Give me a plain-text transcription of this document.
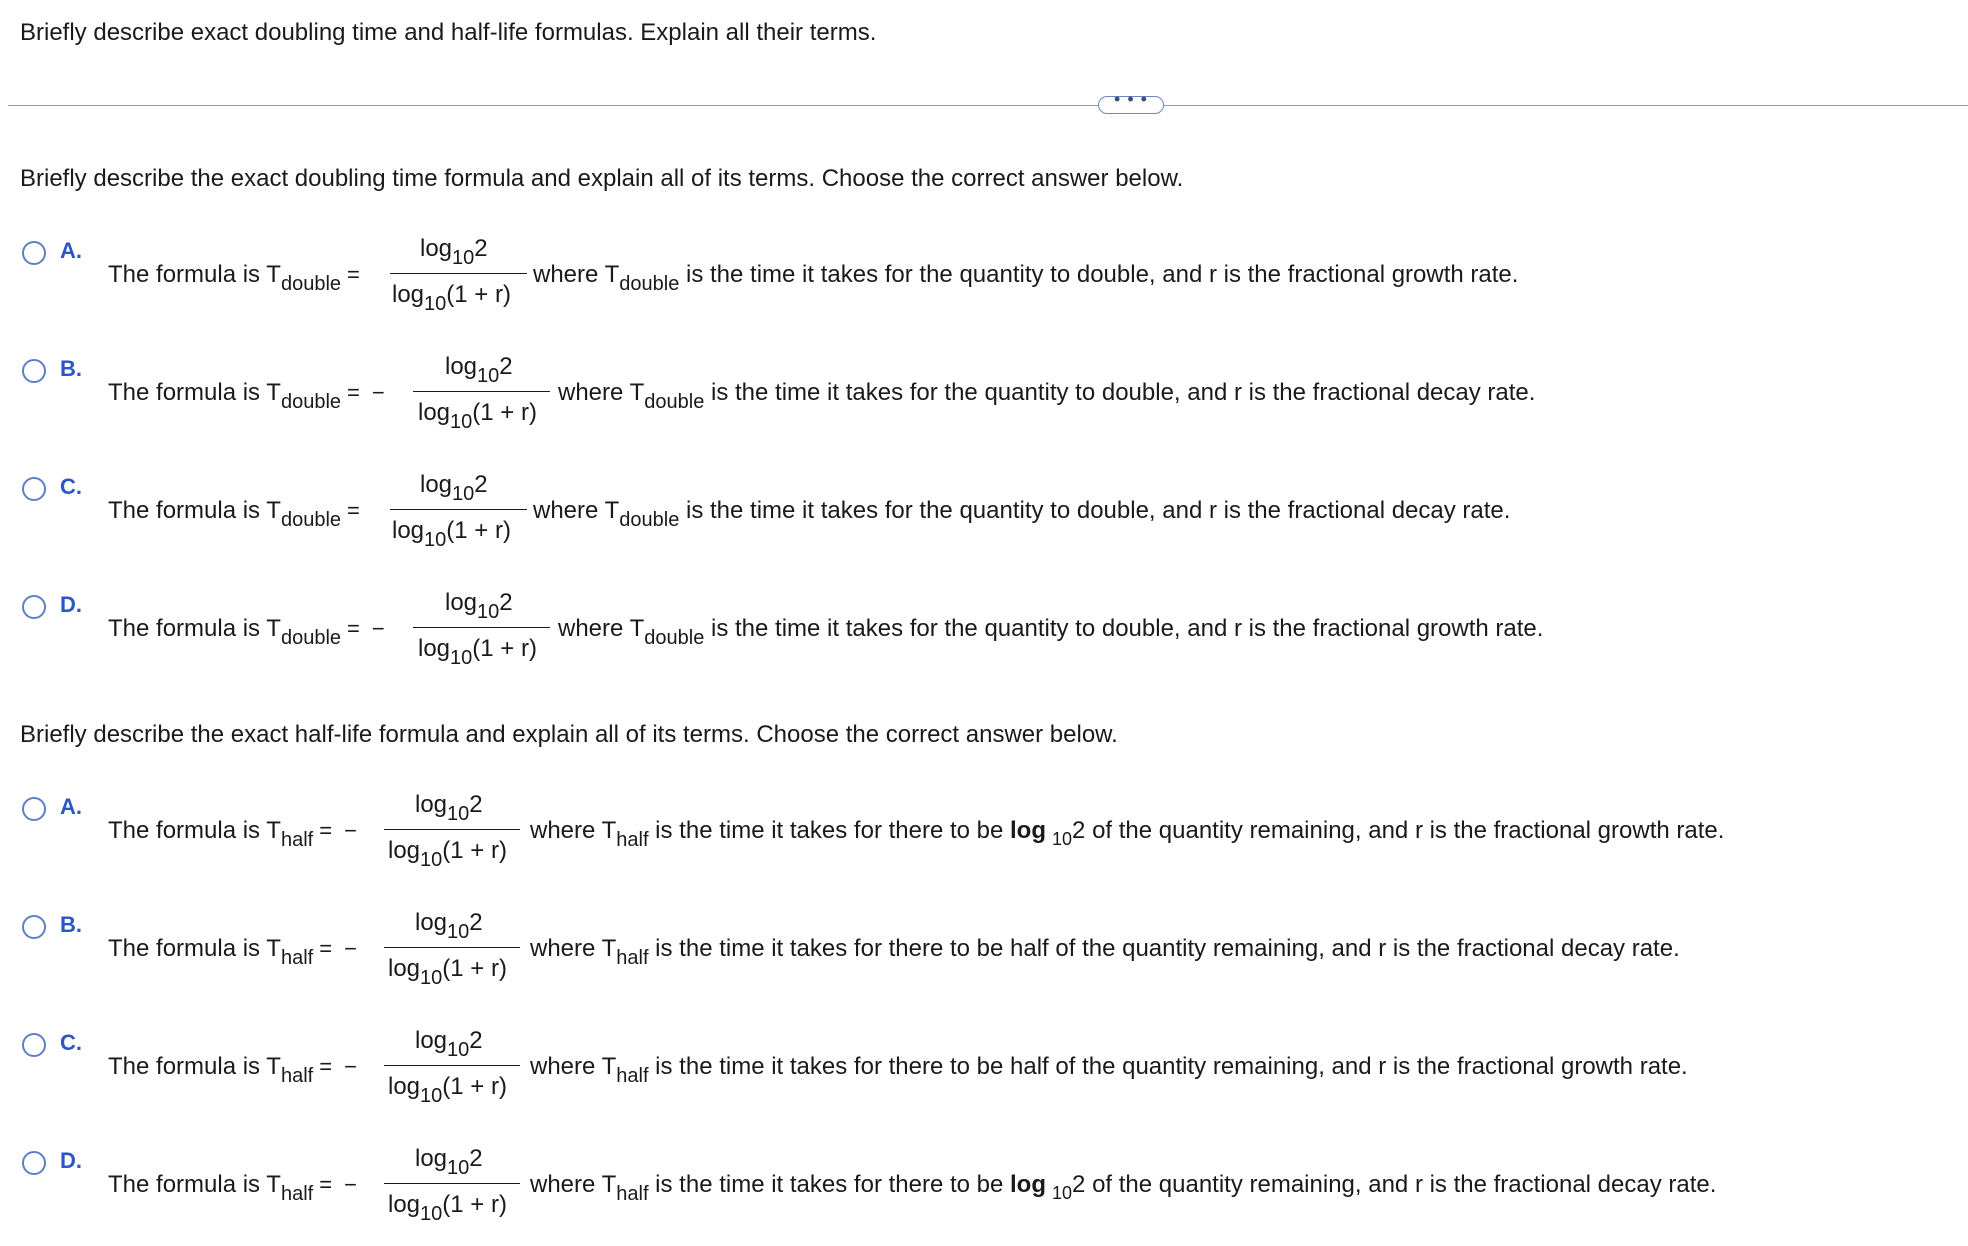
Briefly describe exact doubling time and half-life formulas. Explain all their terms.
• • •
Briefly describe the exact doubling time formula and explain all of its terms. Choose the correct answer below.
A.
The formula is $T_{double}$ =
$\log_{10}2$
$\log_{10}(1 + r)$
where $T_{double}$ is the time it takes for the quantity to double, and r is the fractional growth rate.
B.
The formula is $T_{double}$ = −
$\log_{10}2$
$\log_{10}(1 + r)$
where $T_{double}$ is the time it takes for the quantity to double, and r is the fractional decay rate.
C.
The formula is $T_{double}$ =
$\log_{10}2$
$\log_{10}(1 + r)$
where $T_{double}$ is the time it takes for the quantity to double, and r is the fractional decay rate.
D.
The formula is $T_{double}$ = −
$\log_{10}2$
$\log_{10}(1 + r)$
where $T_{double}$ is the time it takes for the quantity to double, and r is the fractional growth rate.
Briefly describe the exact half-life formula and explain all of its terms. Choose the correct answer below.
A.
The formula is $T_{half}$ = −
$\log_{10}2$
$\log_{10}(1 + r)$
where $T_{half}$ is the time it takes for there to be log $_{10}$2 of the quantity remaining, and r is the fractional growth rate.
B.
The formula is $T_{half}$ = −
$\log_{10}2$
$\log_{10}(1 + r)$
where $T_{half}$ is the time it takes for there to be half of the quantity remaining, and r is the fractional decay rate.
C.
The formula is $T_{half}$ = −
$\log_{10}2$
$\log_{10}(1 + r)$
where $T_{half}$ is the time it takes for there to be half of the quantity remaining, and r is the fractional growth rate.
D.
The formula is $T_{half}$ = −
$\log_{10}2$
$\log_{10}(1 + r)$
where $T_{half}$ is the time it takes for there to be log $_{10}$2 of the quantity remaining, and r is the fractional decay rate.
